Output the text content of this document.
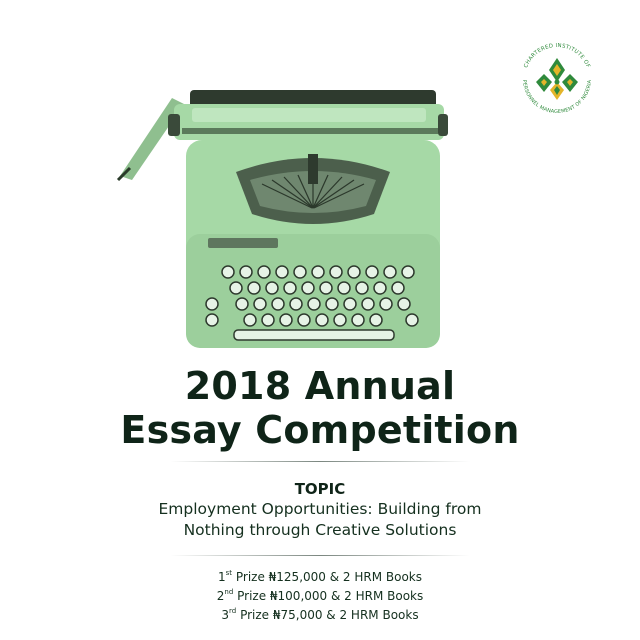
CHARTERED INSTITUTE OF
PERSONNEL MANAGEMENT OF NIGERIA
2018 Annual
Essay Competition
TOPIC
Employment Opportunities: Building from
Nothing through Creative Solutions
1st Prize ₦125,000 & 2 HRM Books
2nd Prize ₦100,000 & 2 HRM Books
3rd Prize ₦75,000 & 2 HRM Books
